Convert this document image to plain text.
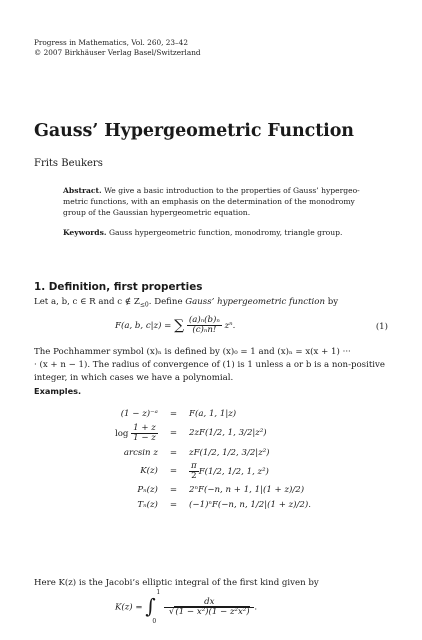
Progress in Mathematics, Vol. 260, 23–42
© 2007 Birkhäuser Verlag Basel/Switzerland
Gauss’ Hypergeometric Function
Frits Beukers
Abstract. We give a basic introduction to the properties of Gauss’ hypergeo-
metric functions, with an emphasis on the determination of the monodromy
group of the Gaussian hypergeometric equation.
Keywords. Gauss hypergeometric function, monodromy, triangle group.
1. Definition, first properties
Let a, b, c ∈ R and c ∉ $Z_{\le 0}$. Define Gauss’ hypergeometric function by
F(a, b, c|z) = ∑ $\frac{\text{(a)ₙ(b)ₙ}}{\text{(c)ₙn!}} z^n$.	(1)
The Pochhammer symbol (x)ₙ is defined by (x)₀ = 1 and (x)ₙ = x(x + 1) ···
· (x + n − 1). The radius of convergence of (1) is 1 unless a or b is a non-positive
integer, in which cases we have a polynomial.
Examples.
(1 − z)⁻ᵃ	=	F(a, 1, 1|z)
$\log \frac{1 + z}{1 - z}$	=	2zF(1/2, 1, 3/2|z²)
arcsin z	=	zF(1/2, 1/2, 3/2|z²)
K(z)	=	$\frac{\pi}{2} F(1/2$, 1/2, 1, z²)
Pₙ(z)	=	2ⁿF(−n, n + 1, 1|(1 + z)/2)
Tₙ(z)	=	(−1)ⁿF(−n, n, 1/2|(1 + z)/2).
Here K(z) is the Jacobi’s elliptic integral of the first kind given by
K(z) = ∫
1
0

$\frac{dx}{\text{√(1 − x²)(1 − z²x²)}}$ .
